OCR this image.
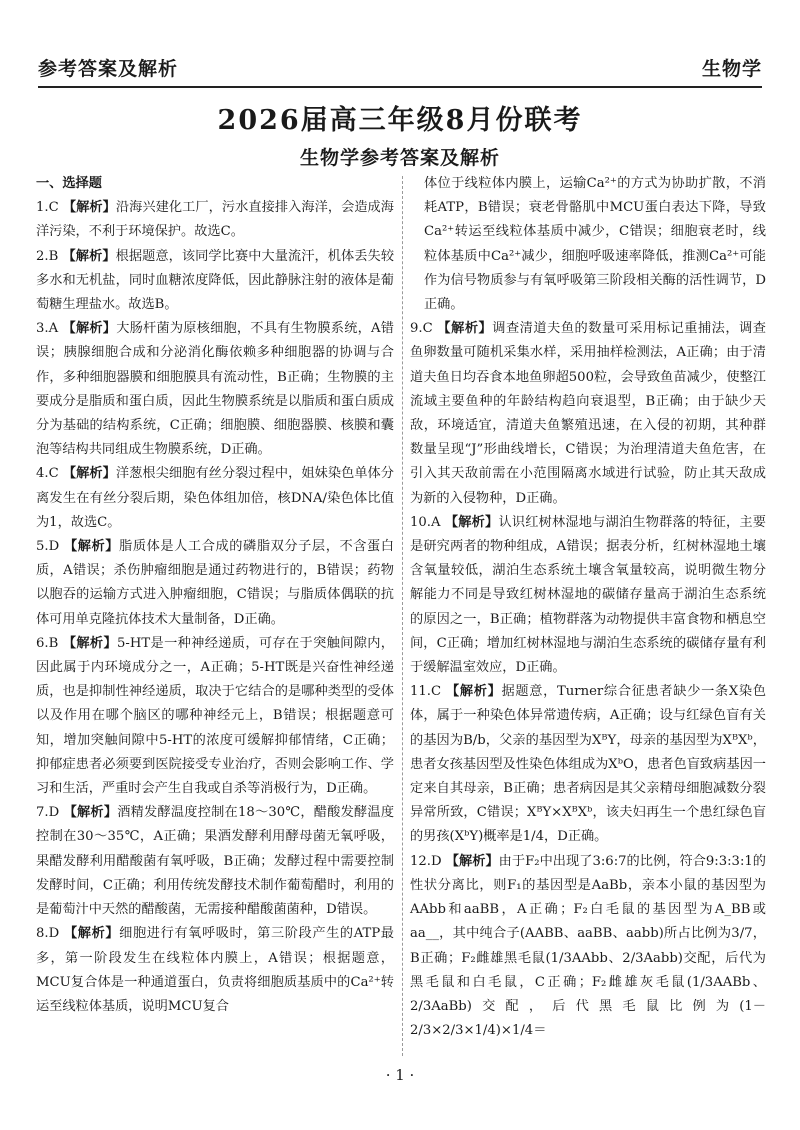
参考答案及解析	生物学
2026届高三年级8月份联考
生物学参考答案及解析
一、选择题
1.C 【解析】沿海兴建化工厂，污水直接排入海洋，会造成海洋污染，不利于环境保护。故选C。
2.B 【解析】根据题意，该同学比赛中大量流汗，机体丢失较多水和无机盐，同时血糖浓度降低，因此静脉注射的液体是葡萄糖生理盐水。故选B。
3.A 【解析】大肠杆菌为原核细胞，不具有生物膜系统，A错误；胰腺细胞合成和分泌消化酶依赖多种细胞器的协调与合作，多种细胞器膜和细胞膜具有流动性，B正确；生物膜的主要成分是脂质和蛋白质，因此生物膜系统是以脂质和蛋白质成分为基础的结构系统，C正确；细胞膜、细胞器膜、核膜和囊泡等结构共同组成生物膜系统，D正确。
4.C 【解析】洋葱根尖细胞有丝分裂过程中，姐妹染色单体分离发生在有丝分裂后期，染色体组加倍，核DNA/染色体比值为1，故选C。
5.D 【解析】脂质体是人工合成的磷脂双分子层，不含蛋白质，A错误；杀伤肿瘤细胞是通过药物进行的，B错误；药物以胞吞的运输方式进入肿瘤细胞，C错误；与脂质体偶联的抗体可用单克隆抗体技术大量制备，D正确。
6.B 【解析】5-HT是一种神经递质，可存在于突触间隙内，因此属于内环境成分之一，A正确；5-HT既是兴奋性神经递质，也是抑制性神经递质，取决于它结合的是哪种类型的受体以及作用在哪个脑区的哪种神经元上，B错误；根据题意可知，增加突触间隙中5-HT的浓度可缓解抑郁情绪，C正确；抑郁症患者必须要到医院接受专业治疗，否则会影响工作、学习和生活，严重时会产生自我或自杀等消极行为，D正确。
7.D 【解析】酒精发酵温度控制在18～30℃，醋酸发酵温度控制在30～35℃，A正确；果酒发酵利用酵母菌无氧呼吸，果醋发酵利用醋酸菌有氧呼吸，B正确；发酵过程中需要控制发酵时间，C正确；利用传统发酵技术制作葡萄醋时，利用的是葡萄汁中天然的醋酸菌，无需接种醋酸菌菌种，D错误。
8.D 【解析】细胞进行有氧呼吸时，第三阶段产生的ATP最多，第一阶段发生在线粒体内膜上，A错误；根据题意，MCU复合体是一种通道蛋白，负责将细胞质基质中的Ca²⁺转运至线粒体基质，说明MCU复合
体位于线粒体内膜上，运输Ca²⁺的方式为协助扩散，不消耗ATP，B错误；衰老骨骼肌中MCU蛋白表达下降，导致Ca²⁺转运至线粒体基质中减少，C错误；细胞衰老时，线粒体基质中Ca²⁺减少，细胞呼吸速率降低，推测Ca²⁺可能作为信号物质参与有氧呼吸第三阶段相关酶的活性调节，D正确。
9.C 【解析】调查清道夫鱼的数量可采用标记重捕法，调查鱼卵数量可随机采集水样，采用抽样检测法，A正确；由于清道夫鱼日均吞食本地鱼卵超500粒，会导致鱼苗减少，使整江流域主要鱼种的年龄结构趋向衰退型，B正确；由于缺少天敌，环境适宜，清道夫鱼繁殖迅速，在入侵的初期，其种群数量呈现“J”形曲线增长，C错误；为治理清道夫鱼危害，在引入其天敌前需在小范围隔离水域进行试验，防止其天敌成为新的入侵物种，D正确。
10.A 【解析】认识红树林湿地与湖泊生物群落的特征，主要是研究两者的物种组成，A错误；据表分析，红树林湿地土壤含氧量较低，湖泊生态系统土壤含氧量较高，说明微生物分解能力不同是导致红树林湿地的碳储存量高于湖泊生态系统的原因之一，B正确；植物群落为动物提供丰富食物和栖息空间，C正确；增加红树林湿地与湖泊生态系统的碳储存量有利于缓解温室效应，D正确。
11.C 【解析】据题意，Turner综合征患者缺少一条X染色体，属于一种染色体异常遗传病，A正确；设与红绿色盲有关的基因为B/b，父亲的基因型为XᴮY，母亲的基因型为XᴮXᵇ，患者女孩基因型及性染色体组成为XᵇO，患者色盲致病基因一定来自其母亲，B正确；患者病因是其父亲精母细胞减数分裂异常所致，C错误；XᴮY×XᴮXᵇ，该夫妇再生一个患红绿色盲的男孩(XᵇY)概率是1/4，D正确。
12.D 【解析】由于F₂中出现了3:6:7的比例，符合9:3:3:1的性状分离比，则F₁的基因型是AaBb，亲本小鼠的基因型为AAbb和aaBB，A正确；F₂白毛鼠的基因型为A_BB或aa__，其中纯合子(AABB、aaBB、aabb)所占比例为3/7，B正确；F₂雌雄黑毛鼠(1/3AAbb、2/3Aabb)交配，后代为黑毛鼠和白毛鼠，C正确；F₂雌雄灰毛鼠(1/3AABb、2/3AaBb)交配，后代黑毛鼠比例为(1－2/3×2/3×1/4)×1/4＝
· 1 ·
